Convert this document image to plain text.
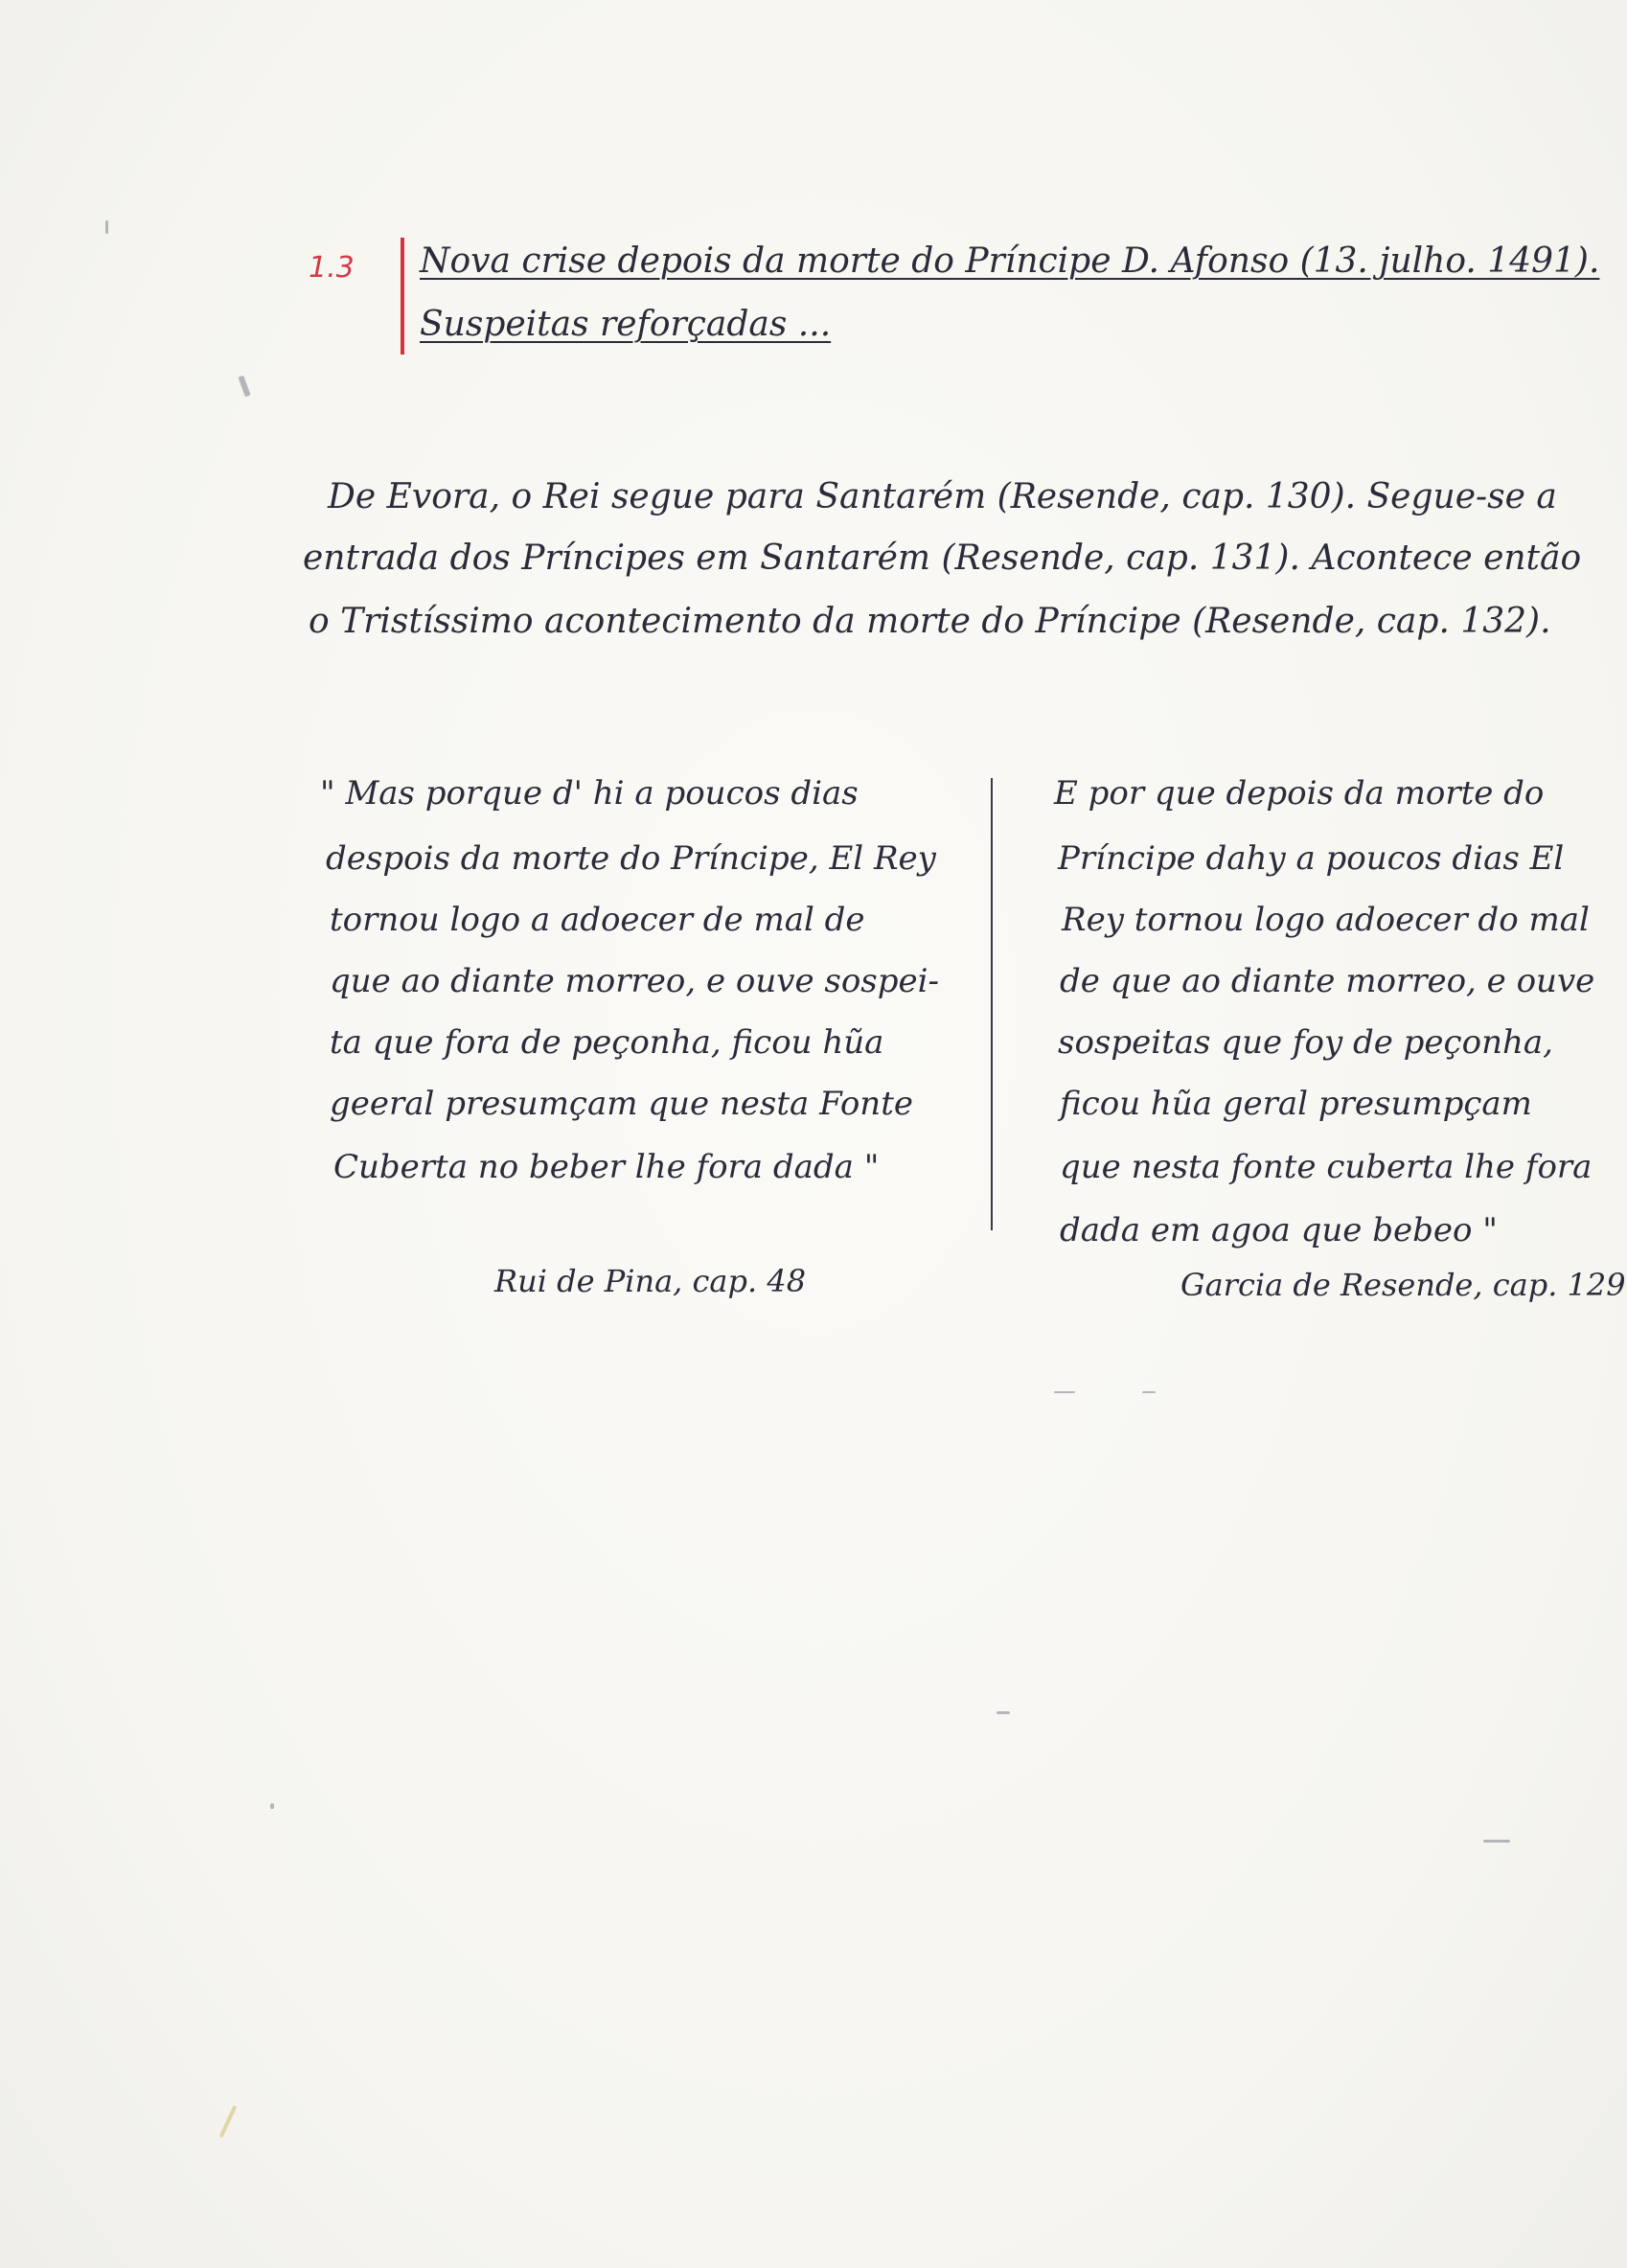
1.3 Nova crise depois da morte do Príncipe D. Afonso (13. julho. 1491).
Suspeitas reforçadas ...
De Evora, o Rei segue para Santarém (Resende, cap. 130). Segue-se a
entrada dos Príncipes em Santarém (Resende, cap. 131). Acontece então
o Tristíssimo acontecimento da morte do Príncipe (Resende, cap. 132).
" Mas porque d' hi a poucos dias
despois da morte do Príncipe, El Rey
tornou logo a adoecer de mal de
que ao diante morreo, e ouve sospei-
ta que fora de peçonha, ficou hũa
geeral presumçam que nesta Fonte
Cuberta no beber lhe fora dada "
Rui de Pina, cap. 48
E por que depois da morte do
Príncipe dahy a poucos dias El
Rey tornou logo adoecer do mal
de que ao diante morreo, e ouve
sospeitas que foy de peçonha,
ficou hũa geral presumpçam
que nesta fonte cuberta lhe fora
dada em agoa que bebeo "
Garcia de Resende, cap. 129
